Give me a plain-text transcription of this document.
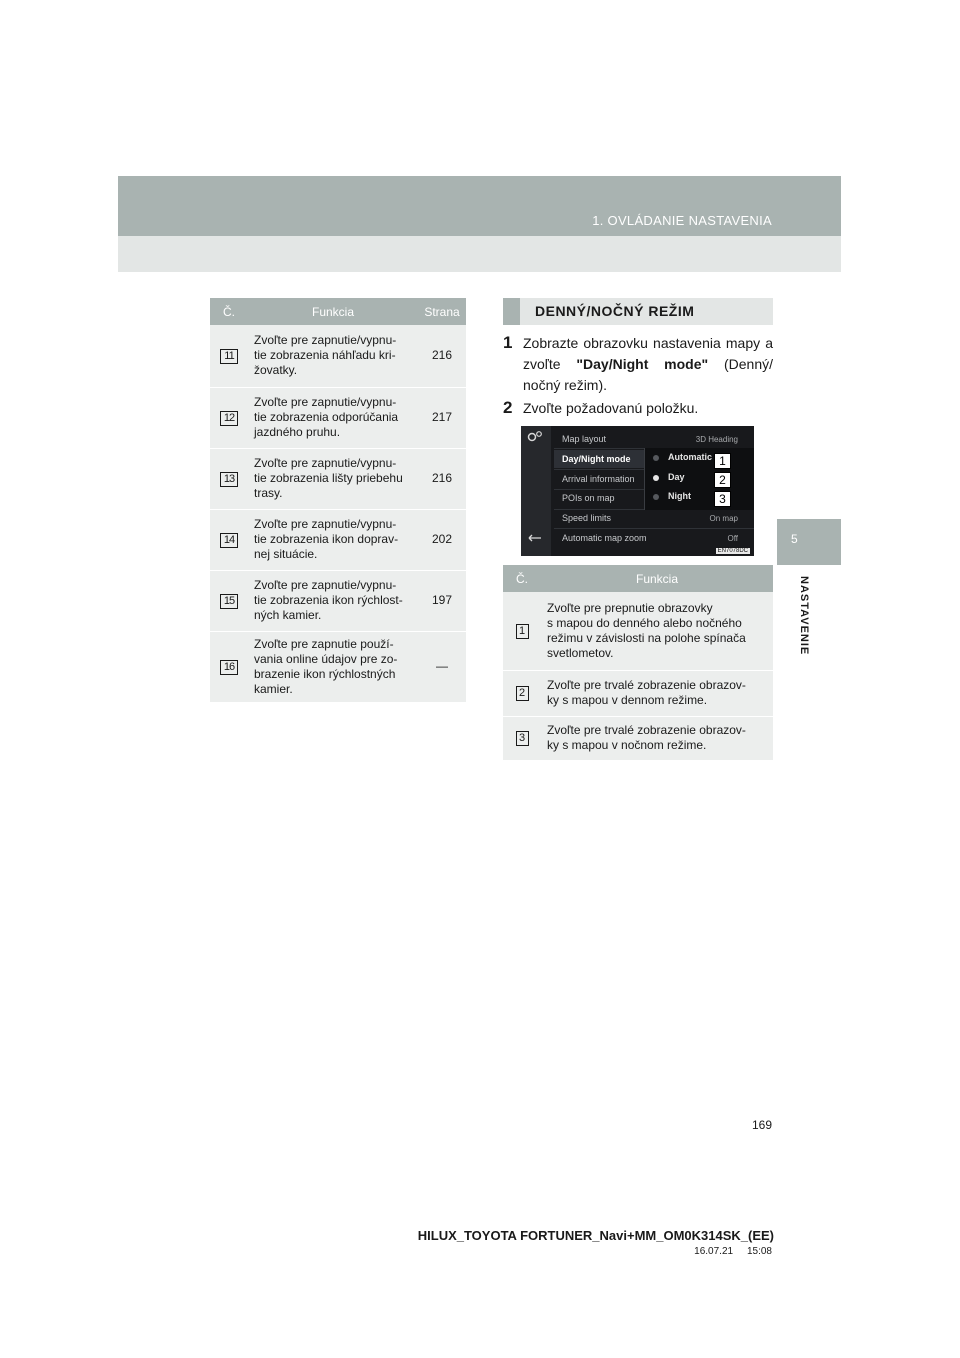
1. OVLÁDANIE NASTAVENIA
5
NASTAVENIE
Č.	Funkcia	Strana
11	Zvoľte pre zapnutie/vypnu-
tie zobrazenia náhľadu kri-
žovatky.	216
12	Zvoľte pre zapnutie/vypnu-
tie zobrazenia odporúčania
jazdného pruhu.	217
13	Zvoľte pre zapnutie/vypnu-
tie zobrazenia lišty priebehu
trasy.	216
14	Zvoľte pre zapnutie/vypnu-
tie zobrazenia ikon doprav-
nej situácie.	202
15	Zvoľte pre zapnutie/vypnu-
tie zobrazenia ikon rýchlost-
ných kamier.	197
16	Zvoľte pre zapnutie použí-
vania online údajov pre zo-
brazenie ikon rýchlostných
kamier.	—
DENNÝ/NOČNÝ REŽIM
1 Zobrazte obrazovku nastavenia mapy a zvoľte "Day/Night mode" (Denný/ nočný režim).
2 Zvoľte požadovanú položku.
Map layout	3D Heading
Day/Night mode
Arrival information
POIs on map
Speed limits	On map
Automatic map zoom	Off
Automatic
Day
Night
1
2
3
EN7078DC
Č.	Funkcia
1	Zvoľte pre prepnutie obrazovky
s mapou do denného alebo nočného
režimu v závislosti na polohe spínača
svetlometov.
2	Zvoľte pre trvalé zobrazenie obrazov-
ky s mapou v dennom režime.
3	Zvoľte pre trvalé zobrazenie obrazov-
ky s mapou v nočnom režime.
169
HILUX_TOYOTA FORTUNER_Navi+MM_OM0K314SK_(EE)
16.07.21     15:08
